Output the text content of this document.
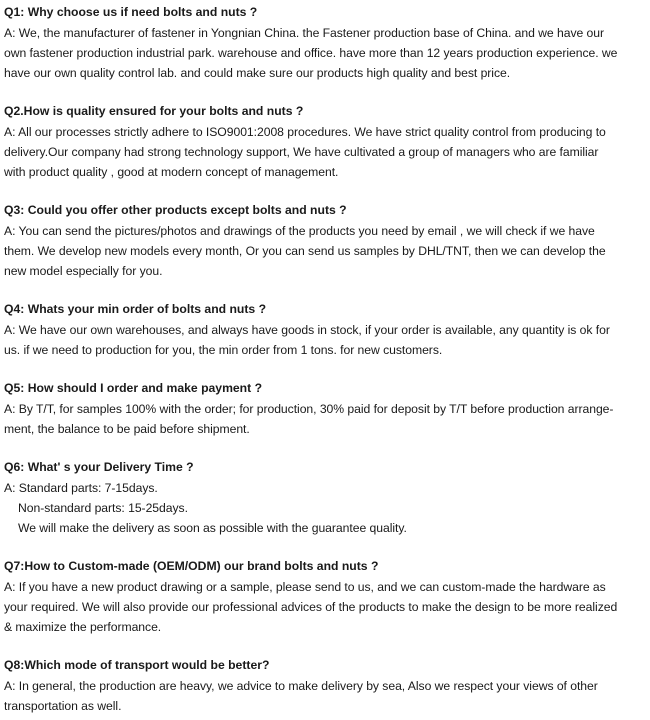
Q1: Why choose us if need bolts and nuts ?

A: We, the manufacturer of fastener in Yongnian China. the Fastener production base of China. and we have our

own fastener production industrial park. warehouse and office. have more than 12 years production experience. we

have our own quality control lab. and could make sure our products high quality and best price.

Q2.How is quality ensured for your bolts and nuts ?

A: All our processes strictly adhere to ISO9001:2008 procedures. We have strict quality control from producing to

delivery.Our company had strong technology support, We have cultivated a group of managers who are familiar

with product quality , good at modern concept of management.

Q3: Could you offer other products except bolts and nuts ?

A: You can send the pictures/photos and drawings of the products you need by email , we will check if we have

them. We develop new models every month, Or you can send us samples by DHL/TNT, then we can develop the

new model especially for you.

Q4: Whats your min order of bolts and nuts ?

A: We have our own warehouses, and always have goods in stock, if your order is available, any quantity is ok for

us. if we need to production for you, the min order from 1 tons. for new customers.

Q5: How should I order and make payment ?

A: By T/T, for samples 100% with the order; for production, 30% paid for deposit by T/T before production arrange-

ment, the balance to be paid before shipment.

Q6: What' s your Delivery Time ?

A: Standard parts: 7-15days.

Non-standard parts: 15-25days.

We will make the delivery as soon as possible with the guarantee quality.

Q7:How to Custom-made (OEM/ODM) our brand bolts and nuts ?

A: If you have a new product drawing or a sample, please send to us, and we can custom-made the hardware as

your required. We will also provide our professional advices of the products to make the design to be more realized

& maximize the performance.

Q8:Which mode of transport would be better?

A: In general, the production are heavy, we advice to make delivery by sea, Also we respect your views of other

transportation as well.
